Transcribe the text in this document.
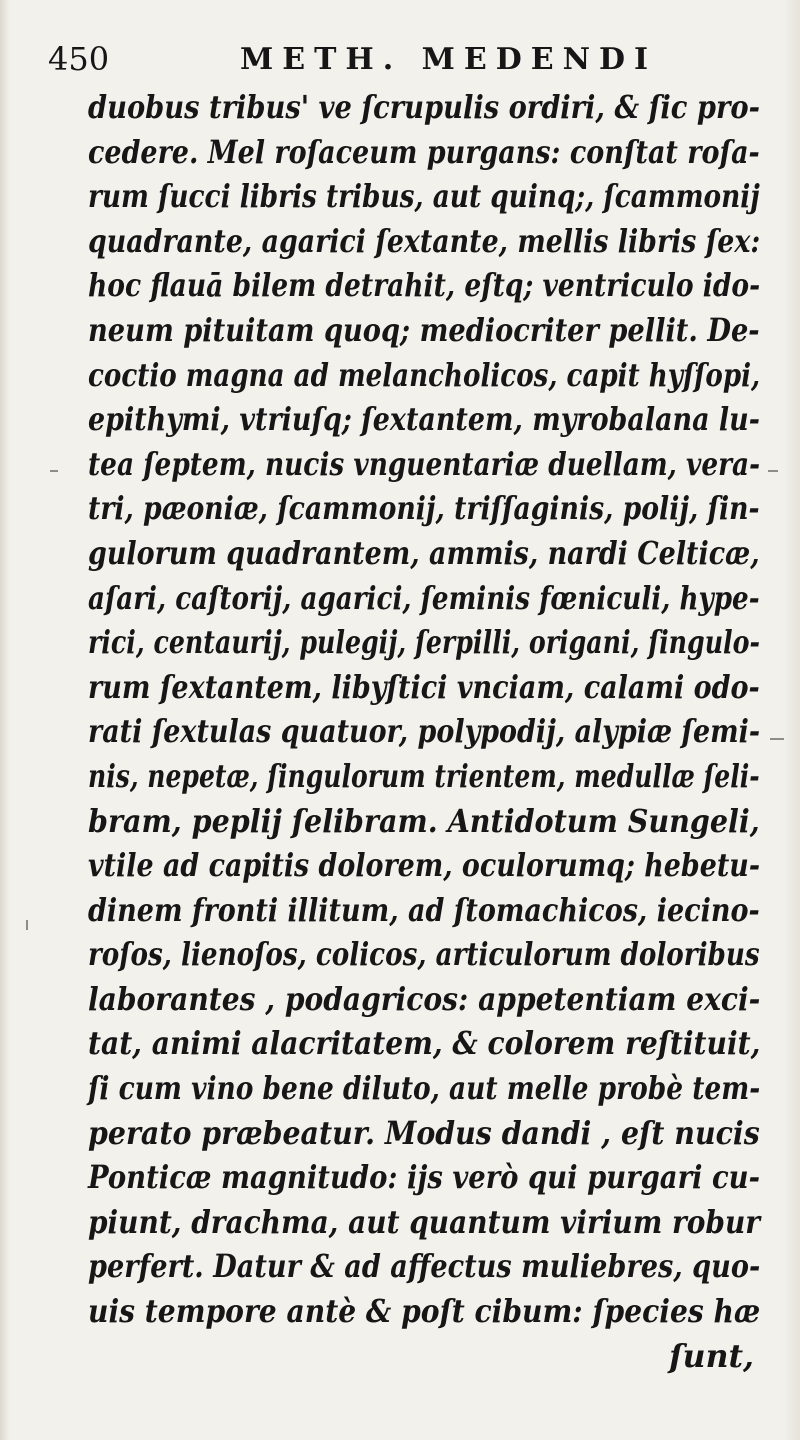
450	METH. MEDENDI
duobus tribus' ve ſcrupulis ordiri, & ſic pro-
cedere. Mel roſaceum purgans: conſtat roſa-
rum ſucci libris tribus, aut quinq;, ſcammonij
quadrante, agarici ſextante, mellis libris ſex:
hoc flauā bilem detrahit, eſtq; ventriculo ido-
neum pituitam quoq; mediocriter pellit. De-
coctio magna ad melancholicos, capit hyſſopi,
epithymi, vtriuſq; ſextantem, myrobalana lu-
tea ſeptem, nucis vnguentariæ duellam, vera-
tri, pæoniæ, ſcammonij, triſſaginis, polij, ſin-
gulorum quadrantem, ammis, nardi Celticæ,
aſari, caſtorij, agarici, ſeminis fœniculi, hype-
rici, centaurij, pulegij, ſerpilli, origani, ſingulo-
rum ſextantem, libyſtici vnciam, calami odo-
rati ſextulas quatuor, polypodij, alypiæ ſemi-
nis, nepetæ, ſingulorum trientem, medullæ ſeli-
bram, peplij ſelibram. Antidotum Sungeli,
vtile ad capitis dolorem, oculorumq; hebetu-
dinem fronti illitum, ad ſtomachicos, iecino-
roſos, lienoſos, colicos, articulorum doloribus
laborantes , podagricos: appetentiam exci-
tat, animi alacritatem, & colorem reſtituit,
ſi cum vino bene diluto, aut melle probè tem-
perato præbeatur. Modus dandi , eſt nucis
Ponticæ magnitudo: ijs verò qui purgari cu-
piunt, drachma, aut quantum virium robur
perfert. Datur & ad affectus muliebres, quo-
uis tempore antè & poſt cibum: ſpecies hæ
ſunt,
